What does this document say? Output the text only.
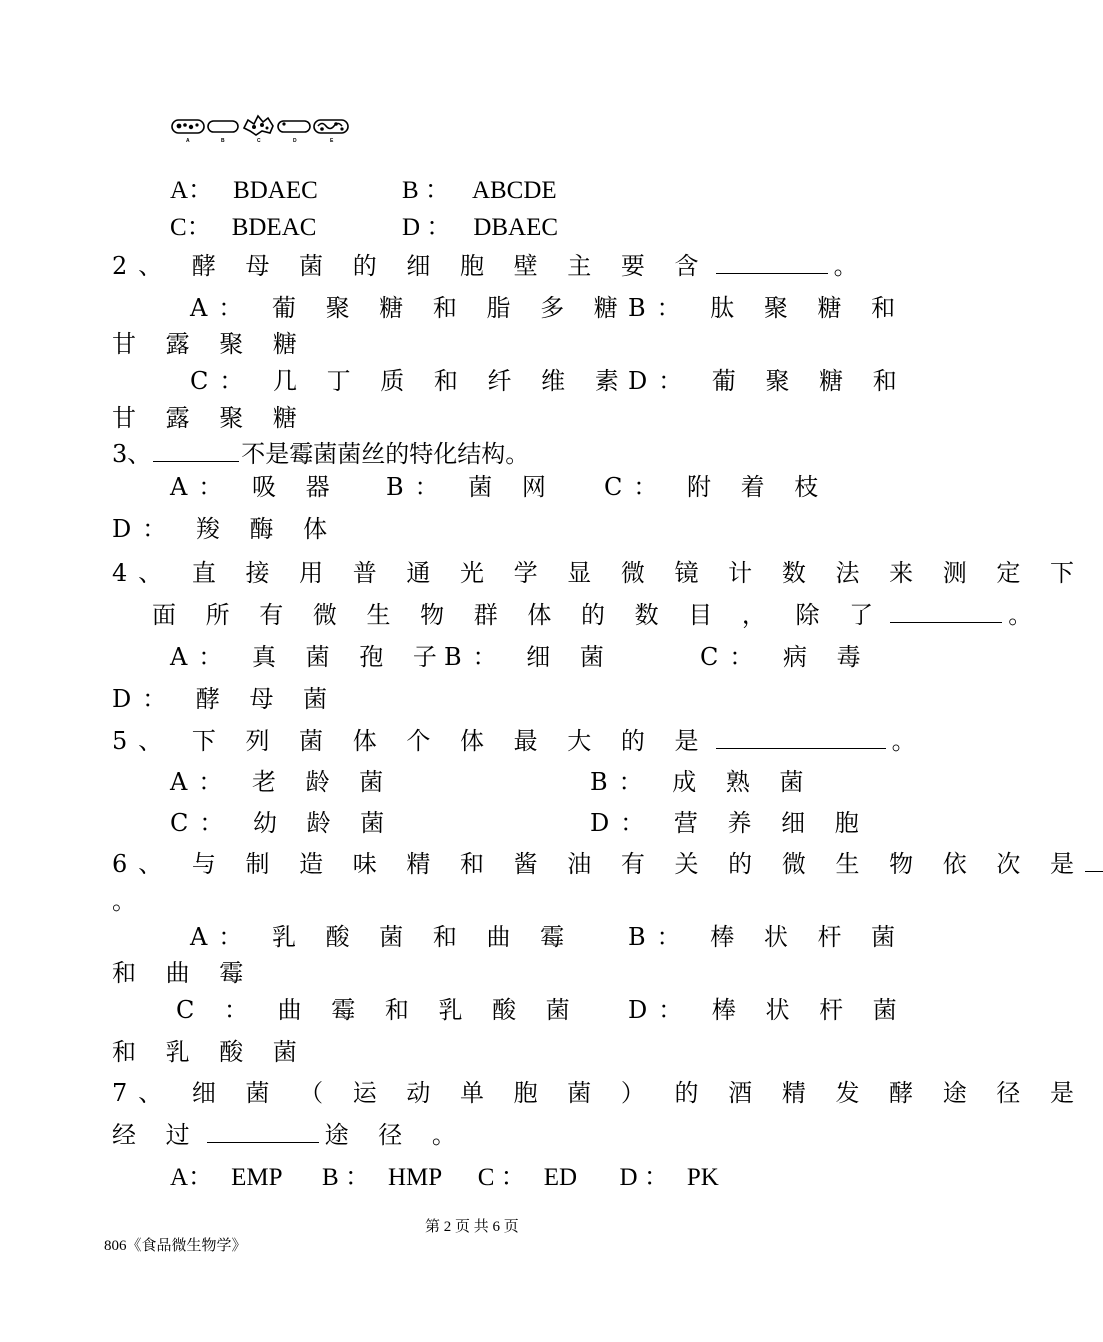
A	B	C	D	E
A： BDAEC	B ： ABCDE
C： BDEAC	D ： DBAEC
2、 酵 母 菌 的 细 胞 壁 主 要 含	。
A： 葡 聚 糖 和 脂 多 糖 B： 肽 聚 糖 和
甘 露 聚 糖
C： 几 丁 质 和 纤 维 素
D： 葡 聚 糖 和
甘 露 聚 糖
3、	不是霉菌菌丝的特化结构。
A： 吸 器 B： 菌 网 C： 附 着 枝
D： 羧 酶 体
4、 直 接 用 普 通 光 学 显 微 镜 计 数 法 来 测 定 下
面 所 有 微 生 物 群 体 的 数 目 ， 除 了	。
A： 真 菌 孢 子
B： 细 菌	C： 病 毒
D： 酵 母 菌
5、 下 列 菌 体 个 体 最 大 的 是	。
A： 老 龄 菌	B： 成 熟 菌
C： 幼 龄 菌	D： 营 养 细 胞
6、 与 制 造 味 精 和 酱 油 有 关 的 微 生 物 依 次 是
。
A： 乳 酸 菌 和 曲 霉 B： 棒 状 杆 菌
和 曲 霉
C ： 曲 霉 和 乳 酸 菌 D： 棒 状 杆 菌
和 乳 酸 菌
7、 细 菌 （ 运 动 单 胞 菌 ） 的 酒 精 发 酵 途 径 是
经 过	途 径 。
A： EMP B ： HMP C ： ED D ： PK
第 2 页 共 6 页
806《食品微生物学》
